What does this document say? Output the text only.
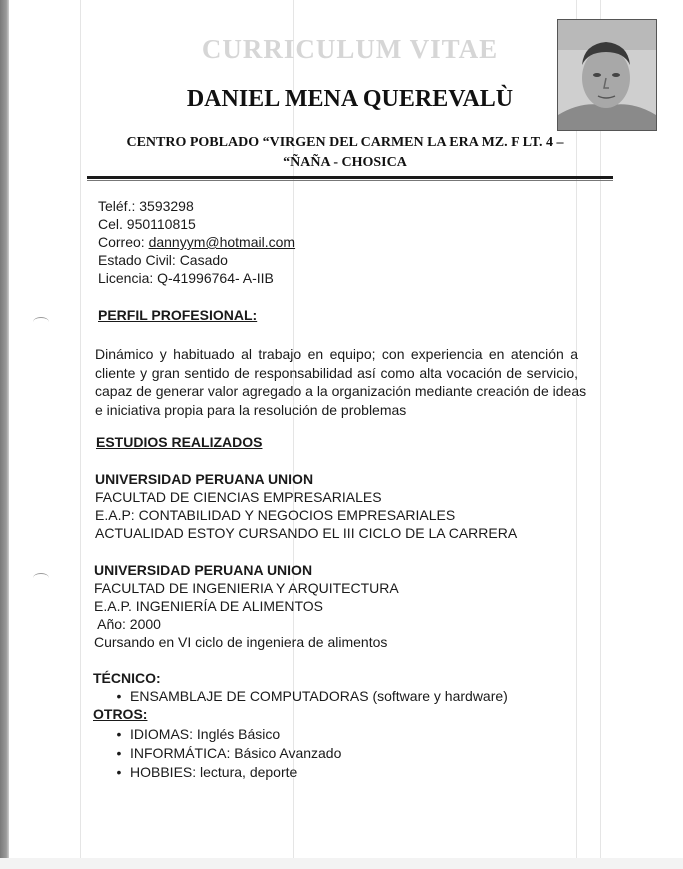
CURRICULUM VITAE
DANIEL MENA QUEREVALÙ
CENTRO POBLADO “VIRGEN DEL CARMEN LA ERA MZ. F LT. 4 –
“ÑAÑA - CHOSICA
Teléf.: 3593298
Cel. 950110815
Correo: dannyym@hotmail.com
Estado Civil: Casado
Licencia: Q-41996764- A-IIB
PERFIL PROFESIONAL:
Dinámico y habituado al trabajo en equipo; con experiencia en atención a
cliente y gran sentido de responsabilidad así como alta vocación de servicio,
capaz de generar valor agregado a la organización mediante creación de ideas
e iniciativa propia para la resolución de problemas
ESTUDIOS REALIZADOS
UNIVERSIDAD PERUANA UNION
FACULTAD DE CIENCIAS EMPRESARIALES
E.A.P: CONTABILIDAD Y NEGOCIOS EMPRESARIALES
ACTUALIDAD ESTOY CURSANDO EL III CICLO DE LA CARRERA
UNIVERSIDAD PERUANA UNION
FACULTAD DE INGENIERIA Y ARQUITECTURA
E.A.P. INGENIERÍA DE ALIMENTOS
Año: 2000
Cursando en VI ciclo de ingeniera de alimentos
TÉCNICO:
• ENSAMBLAJE DE COMPUTADORAS (software y hardware)
OTROS:
• IDIOMAS: Inglés Básico
• INFORMÁTICA: Básico Avanzado
• HOBBIES: lectura, deporte
